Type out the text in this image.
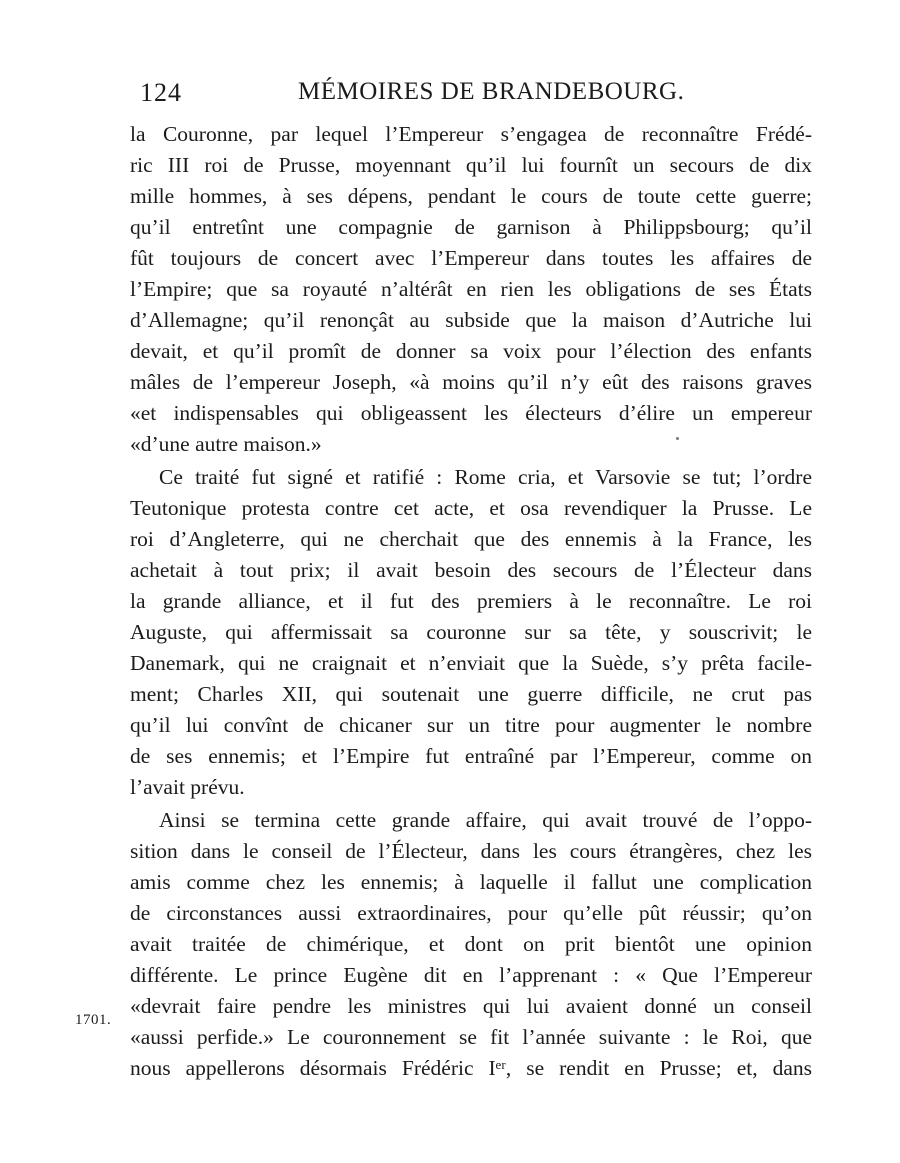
124	MÉMOIRES DE BRANDEBOURG.
1701.
la Couronne, par lequel l’Empereur s’engagea de reconnaître Frédé-
ric III roi de Prusse, moyennant qu’il lui fournît un secours de dix
mille hommes, à ses dépens, pendant le cours de toute cette guerre;
qu’il entretînt une compagnie de garnison à Philippsbourg; qu’il
fût toujours de concert avec l’Empereur dans toutes les affaires de
l’Empire; que sa royauté n’altérât en rien les obligations de ses États
d’Allemagne; qu’il renonçât au subside que la maison d’Autriche lui
devait, et qu’il promît de donner sa voix pour l’élection des enfants
mâles de l’empereur Joseph, «à moins qu’il n’y eût des raisons graves
«et indispensables qui obligeassent les électeurs d’élire un empereur
«d’une autre maison.»
Ce traité fut signé et ratifié : Rome cria, et Varsovie se tut; l’ordre
Teutonique protesta contre cet acte, et osa revendiquer la Prusse. Le
roi d’Angleterre, qui ne cherchait que des ennemis à la France, les
achetait à tout prix; il avait besoin des secours de l’Électeur dans
la grande alliance, et il fut des premiers à le reconnaître. Le roi
Auguste, qui affermissait sa couronne sur sa tête, y souscrivit; le
Danemark, qui ne craignait et n’enviait que la Suède, s’y prêta facile-
ment; Charles XII, qui soutenait une guerre difficile, ne crut pas
qu’il lui convînt de chicaner sur un titre pour augmenter le nombre
de ses ennemis; et l’Empire fut entraîné par l’Empereur, comme on
l’avait prévu.
Ainsi se termina cette grande affaire, qui avait trouvé de l’oppo-
sition dans le conseil de l’Électeur, dans les cours étrangères, chez les
amis comme chez les ennemis; à laquelle il fallut une complication
de circonstances aussi extraordinaires, pour qu’elle pût réussir; qu’on
avait traitée de chimérique, et dont on prit bientôt une opinion
différente. Le prince Eugène dit en l’apprenant : « Que l’Empereur
«devrait faire pendre les ministres qui lui avaient donné un conseil
«aussi perfide.» Le couronnement se fit l’année suivante : le Roi, que
nous appellerons désormais Frédéric Iᵉʳ, se rendit en Prusse; et, dans
